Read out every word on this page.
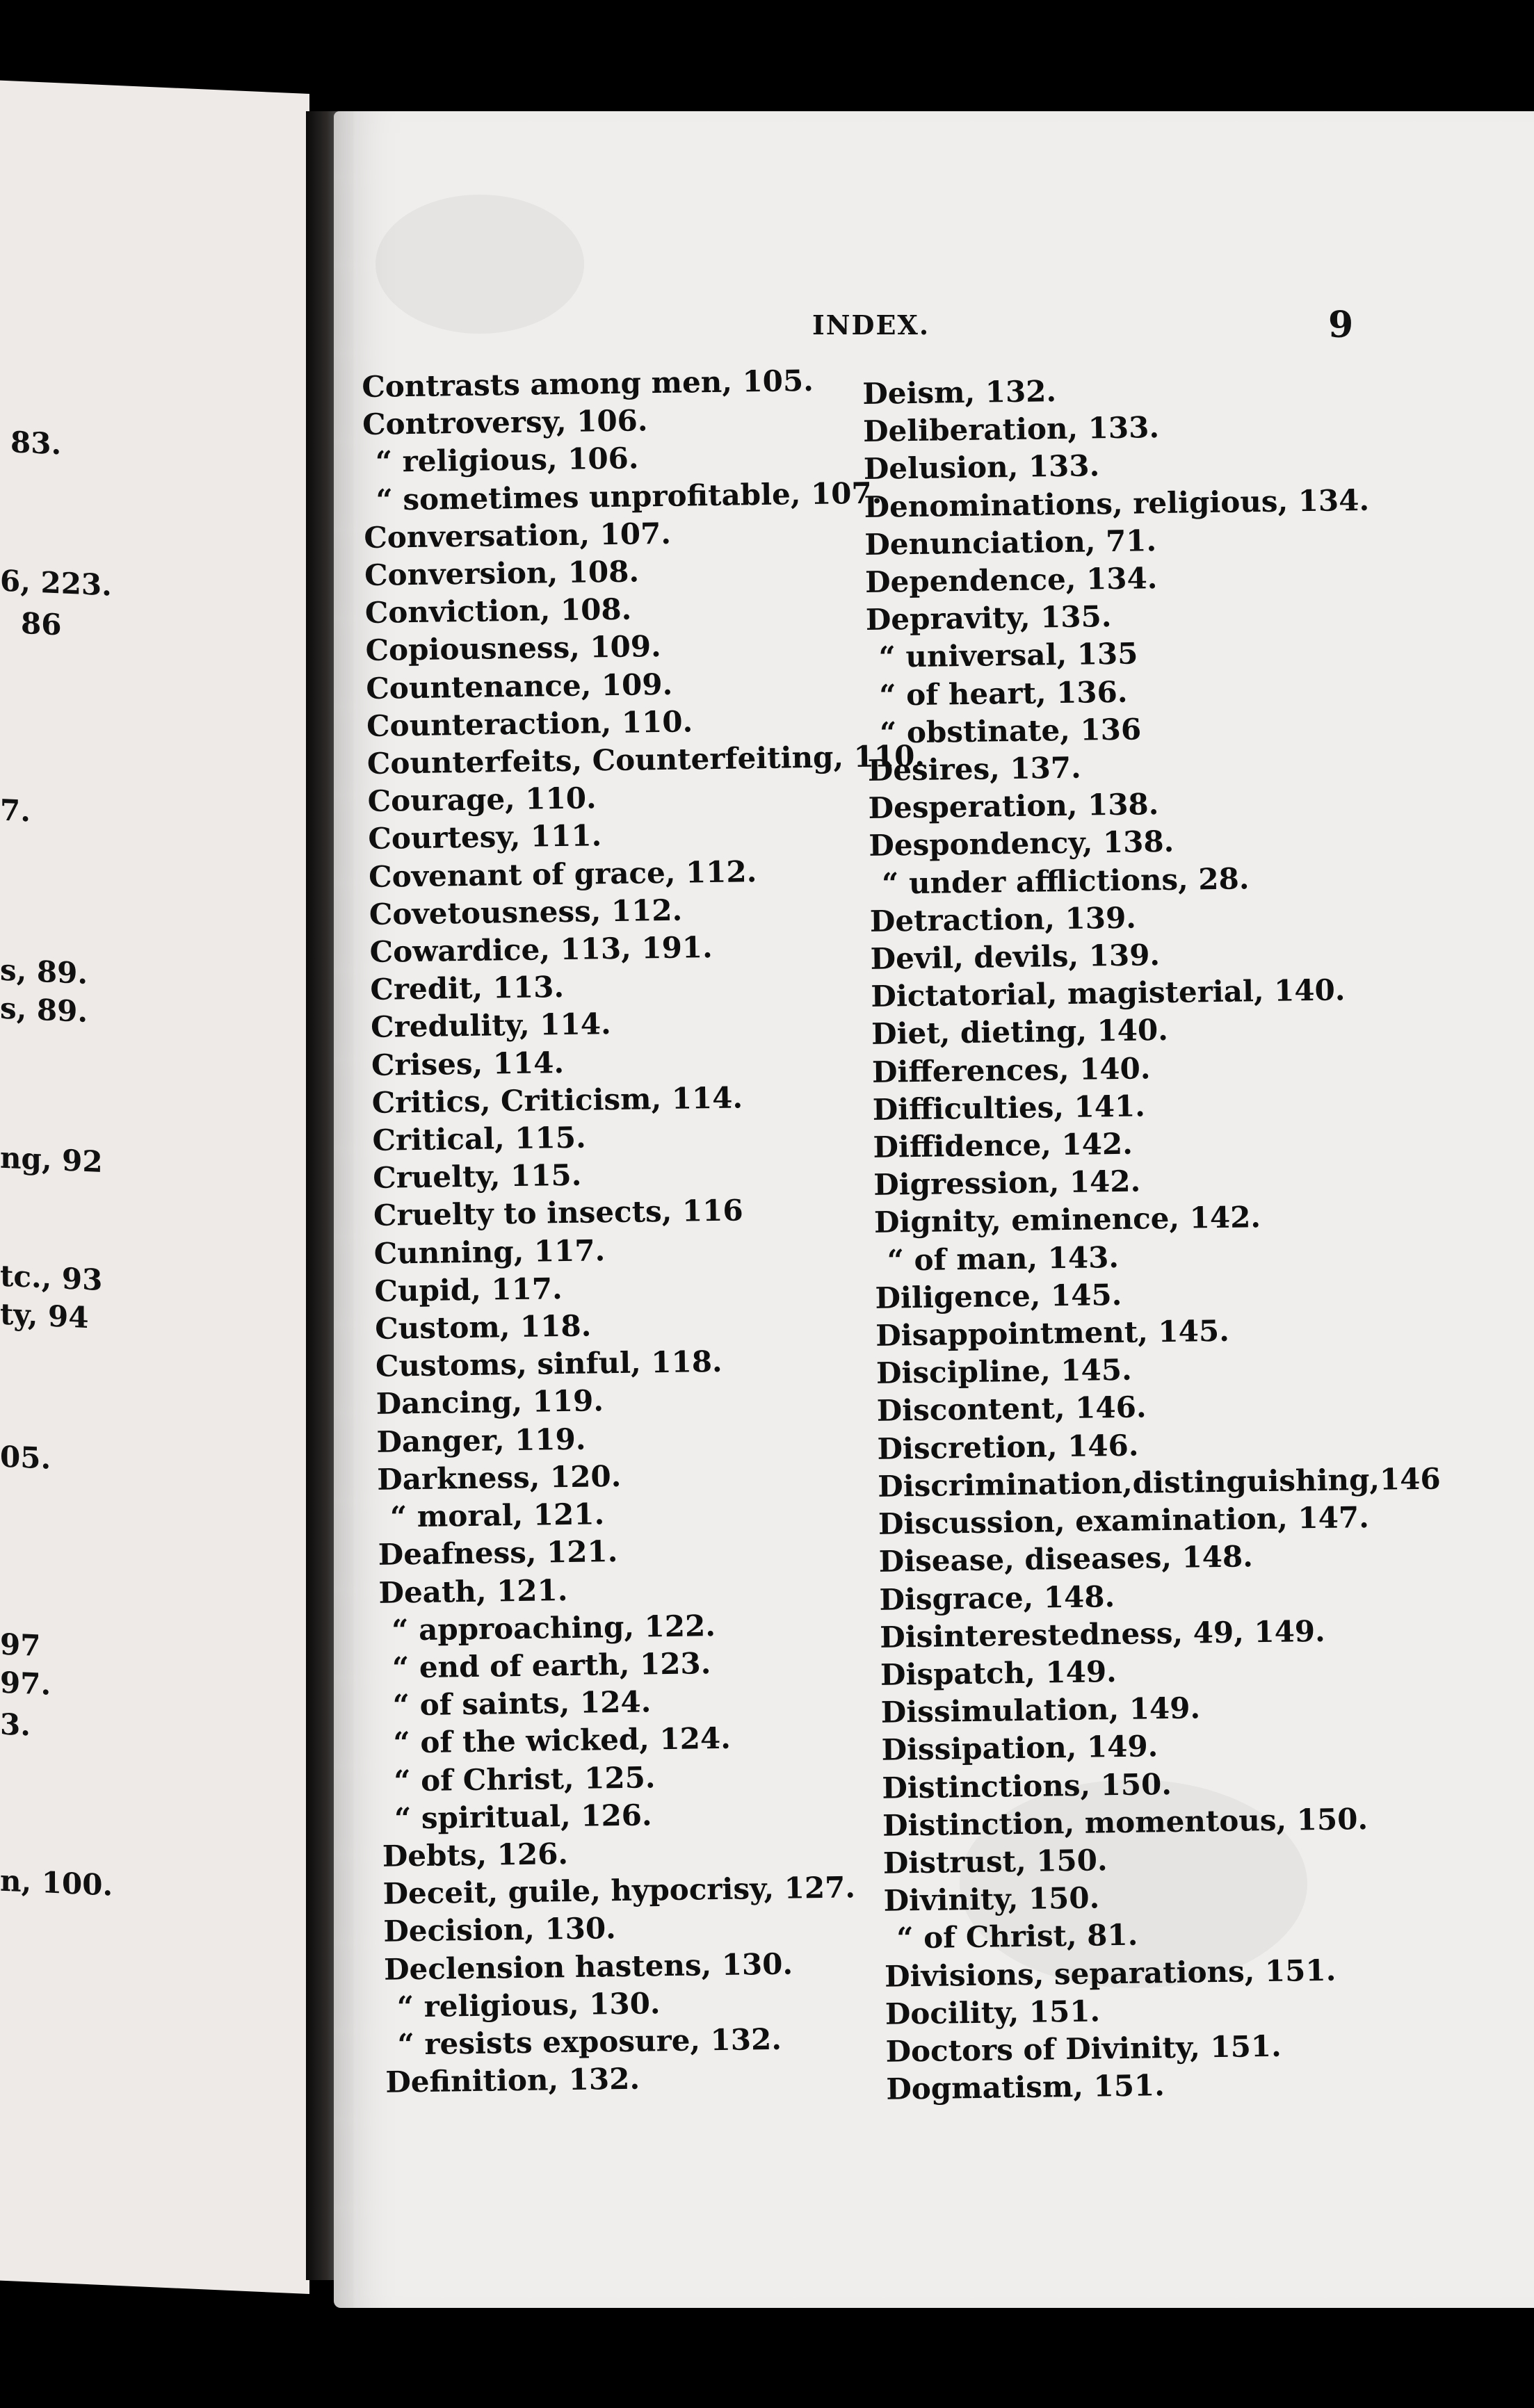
83.
6, 223.
86
7.
s, 89.
s, 89.
ng, 92
tc., 93
ty, 94
05.
97
97.
3.
n, 100.
INDEX.	9
Contrasts among men, 105.
Controversy, 106.
“ religious, 106.
“ sometimes unprofitable, 107.
Conversation, 107.
Conversion, 108.
Conviction, 108.
Copiousness, 109.
Countenance, 109.
Counteraction, 110.
Counterfeits, Counterfeiting, 110.
Courage, 110.
Courtesy, 111.
Covenant of grace, 112.
Covetousness, 112.
Cowardice, 113, 191.
Credit, 113.
Credulity, 114.
Crises, 114.
Critics, Criticism, 114.
Critical, 115.
Cruelty, 115.
Cruelty to insects, 116
Cunning, 117.
Cupid, 117.
Custom, 118.
Customs, sinful, 118.
Dancing, 119.
Danger, 119.
Darkness, 120.
“ moral, 121.
Deafness, 121.
Death, 121.
“ approaching, 122.
“ end of earth, 123.
“ of saints, 124.
“ of the wicked, 124.
“ of Christ, 125.
“ spiritual, 126.
Debts, 126.
Deceit, guile, hypocrisy, 127.
Decision, 130.
Declension hastens, 130.
“ religious, 130.
“ resists exposure, 132.
Definition, 132.
Deism, 132.
Deliberation, 133.
Delusion, 133.
Denominations, religious, 134.
Denunciation, 71.
Dependence, 134.
Depravity, 135.
“ universal, 135
“ of heart, 136.
“ obstinate, 136
Desires, 137.
Desperation, 138.
Despondency, 138.
“ under afflictions, 28.
Detraction, 139.
Devil, devils, 139.
Dictatorial, magisterial, 140.
Diet, dieting, 140.
Differences, 140.
Difficulties, 141.
Diffidence, 142.
Digression, 142.
Dignity, eminence, 142.
“ of man, 143.
Diligence, 145.
Disappointment, 145.
Discipline, 145.
Discontent, 146.
Discretion, 146.
Discrimination,distinguishing,146
Discussion, examination, 147.
Disease, diseases, 148.
Disgrace, 148.
Disinterestedness, 49, 149.
Dispatch, 149.
Dissimulation, 149.
Dissipation, 149.
Distinctions, 150.
Distinction, momentous, 150.
Distrust, 150.
Divinity, 150.
“ of Christ, 81.
Divisions, separations, 151.
Docility, 151.
Doctors of Divinity, 151.
Dogmatism, 151.
